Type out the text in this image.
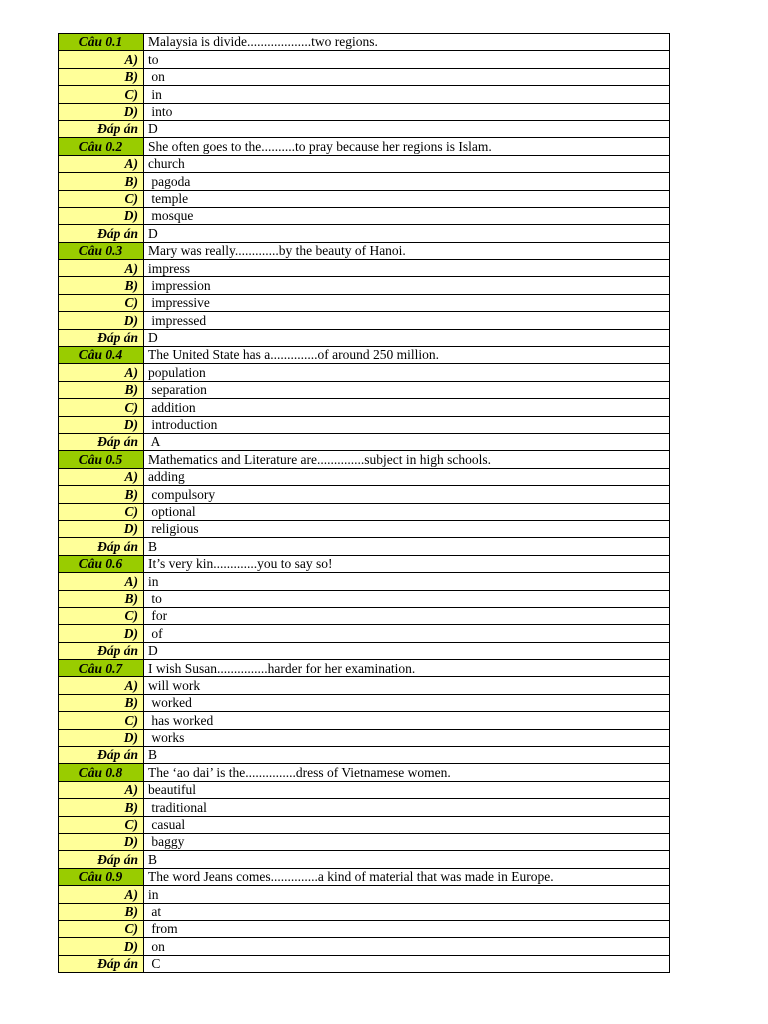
Câu 0.1	Malaysia is divide...................two regions.
A)	to
B)	on
C)	in
D)	into
Đáp án	D
Câu 0.2	She often goes to the..........to pray because her regions is Islam.
A)	church
B)	pagoda
C)	temple
D)	mosque
Đáp án	D
Câu 0.3	Mary was really.............by the beauty of Hanoi.
A)	impress
B)	impression
C)	impressive
D)	impressed
Đáp án	D
Câu 0.4	The United State has a..............of around 250 million.
A)	population
B)	separation
C)	addition
D)	introduction
Đáp án	A
Câu 0.5	Mathematics and Literature are..............subject in high schools.
A)	adding
B)	compulsory
C)	optional
D)	religious
Đáp án	B
Câu 0.6	It’s very kin.............you to say so!
A)	in
B)	to
C)	for
D)	of
Đáp án	D
Câu 0.7	I wish Susan...............harder for her examination.
A)	will work
B)	worked
C)	has worked
D)	works
Đáp án	B
Câu 0.8	The ‘ao dai’ is the...............dress of Vietnamese women.
A)	beautiful
B)	traditional
C)	casual
D)	baggy
Đáp án	B
Câu 0.9	The word Jeans comes..............a kind of material that was made in Europe.
A)	in
B)	at
C)	from
D)	on
Đáp án	C
